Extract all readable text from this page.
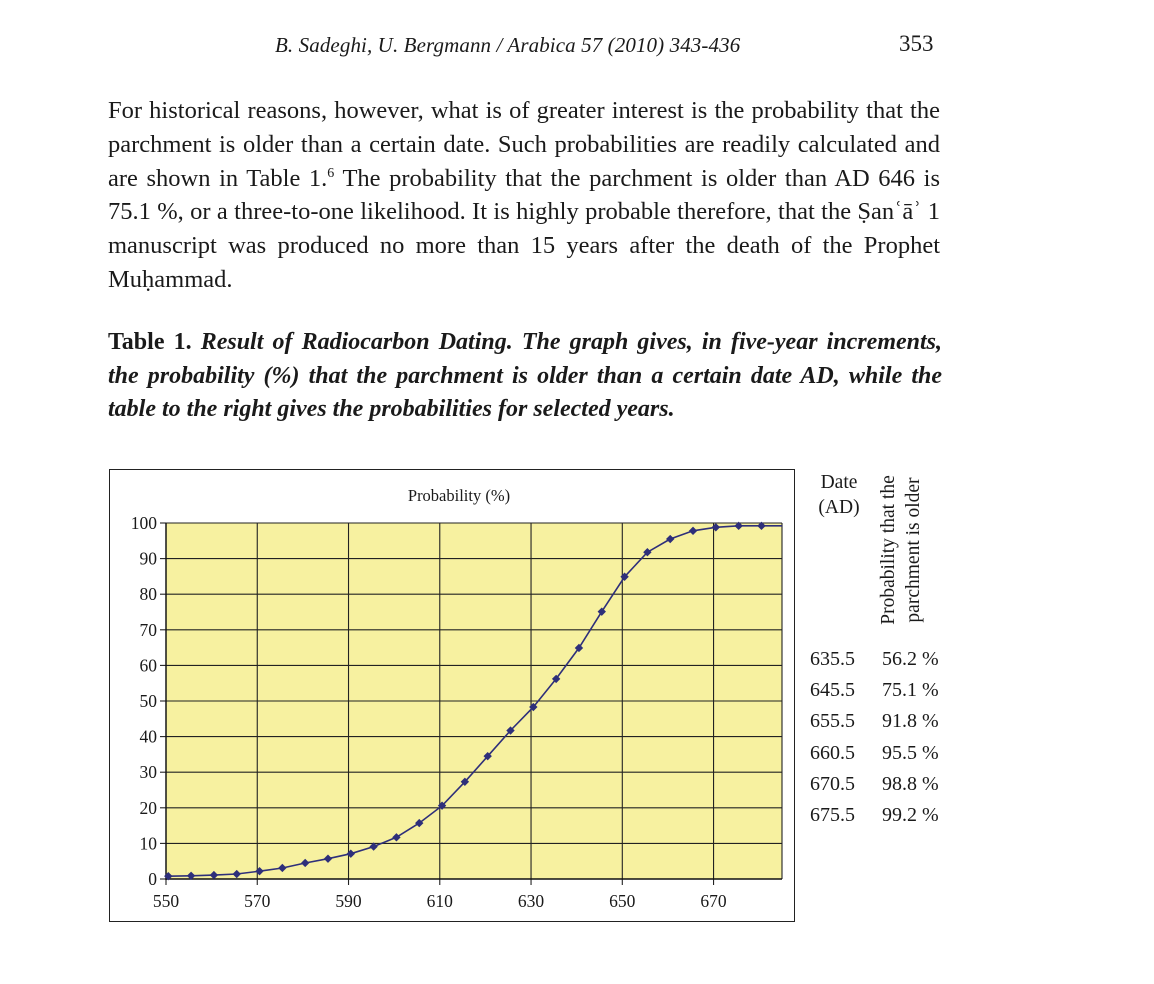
B. Sadeghi, U. Bergmann / Arabica 57 (2010) 343-436	353

For historical reasons, however, what is of greater interest is the probability that the parchment is older than a certain date. Such probabilities are readily calculated and are shown in Table 1.$^6$ The probability that the parchment is older than AD 646 is 75.1 %, or a three-to-one likelihood. It is highly probable therefore, that the Ṣanʿāʾ 1 manuscript was produced no more than 15 years after the death of the Prophet Muḥammad.

Table 1. Result of Radiocarbon Dating. The graph gives, in five-year increments, the probability (%) that the parchment is older than a certain date AD, while the table to the right gives the probabilities for selected years.

Probability (%)
0
10
20
30
40
50
60
70
80
90
100
550	570	590	610	630	650	670
Date (AD) Probability that the parchment is older
635.5 56.2 %
645.5 75.1 %
655.5 91.8 %
660.5 95.5 %
670.5 98.8 %
675.5 99.2 %
